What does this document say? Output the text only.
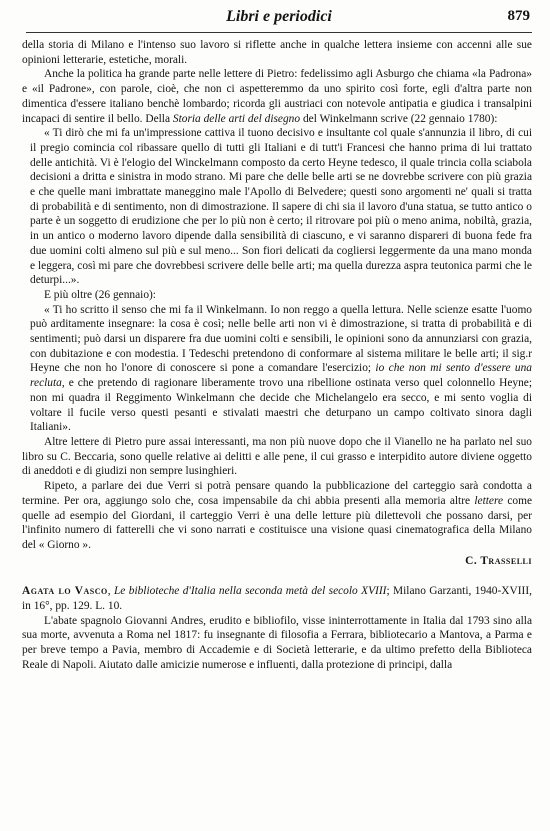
Libri e periodici	879

della storia di Milano e l'intenso suo lavoro si riflette anche in qualche lettera insieme con accenni alle sue opinioni letterarie, estetiche, morali.

Anche la politica ha grande parte nelle lettere di Pietro: fedelissimo agli Asburgo che chiama «la Padrona» e «il Padrone», con parole, cioè, che non ci aspetteremmo da uno spirito così forte, egli d'altra parte non dimentica d'essere italiano benchè lombardo; ricorda gli austriaci con notevole antipatia e giudica i transalpini incapaci di sentire il bello. Della Storia delle arti del disegno del Winkelmann scrive (22 gennaio 1780):

« Ti dirò che mi fa un'impressione cattiva il tuono decisivo e insultante col quale s'annunzia il libro, di cui il pregio comincia col ribassare quello di tutti gli Italiani e di tutt'i Francesi che hanno prima di lui trattato delle antichità. Vi è l'elogio del Winckelmann composto da certo Heyne tedesco, il quale trincia colla sciabola decisioni a dritta e sinistra in modo strano. Mi pare che delle belle arti se ne dovrebbe scrivere con più grazia e che quelle mani imbrattate maneggino male l'Apollo di Belvedere; questi sono argomenti ne' quali si tratta di probabilità e di sentimento, non di dimostrazione. Il sapere di chi sia il lavoro d'una statua, se tutto antico o parte è un soggetto di erudizione che per lo più non è certo; il ritrovare poi più o meno anima, nobiltà, grazia, in un antico o moderno lavoro dipende dalla sensibilità di ciascuno, e vi saranno dispareri di buona fede fra due uomini colti almeno sul più e sul meno... Son fiori delicati da cogliersi leggermente da una mano monda e leggera, così mi pare che dovrebbesi scrivere delle belle arti; ma quella durezza aspra teutonica parmi che le deturpi...».

E più oltre (26 gennaio):

« Ti ho scritto il senso che mi fa il Winkelmann. Io non reggo a quella lettura. Nelle scienze esatte l'uomo può arditamente insegnare: la cosa è così; nelle belle arti non vi è dimostrazione, si tratta di probabilità e di sentimenti; può darsi un disparere fra due uomini colti e sensibili, le opinioni sono da annunziarsi con grazia, con dubitazione e con modestia. I Tedeschi pretendono di conformare al sistema militare le belle arti; il sig.r Heyne che non ho l'onore di conoscere si pone a comandare l'esercizio; io che non mi sento d'essere una recluta, e che pretendo di ragionare liberamente trovo una ribellione ostinata verso quel colonnello Heyne; non mi quadra il Reggimento Winkelmann che decide che Michelangelo era secco, e mi sento voglia di voltare il fucile verso questi pesanti e stivalati maestri che deturpano un campo coltivato sinora dagli Italiani».

Altre lettere di Pietro pure assai interessanti, ma non più nuove dopo che il Vianello ne ha parlato nel suo libro su C. Beccaria, sono quelle relative ai delitti e alle pene, il cui grasso e interpidito autore diviene oggetto di aneddoti e di giudizi non sempre lusinghieri.

Ripeto, a parlare dei due Verri si potrà pensare quando la pubblicazione del carteggio sarà condotta a termine. Per ora, aggiungo solo che, cosa impensabile da chi abbia presenti alla memoria altre lettere come quelle ad esempio del Giordani, il carteggio Verri è una delle letture più dilettevoli che possano darsi, per l'infinito numero di fatterelli che vi sono narrati e costituisce una visione quasi cinematografica della Milano del « Giorno ».

C. Trasselli

Agata lo Vasco, Le biblioteche d'Italia nella seconda metà del secolo XVIII; Milano Garzanti, 1940-XVIII, in 16°, pp. 129. L. 10.

L'abate spagnolo Giovanni Andres, erudito e bibliofilo, visse ininterrottamente in Italia dal 1793 sino alla sua morte, avvenuta a Roma nel 1817: fu insegnante di filosofia a Ferrara, bibliotecario a Mantova, a Parma e per breve tempo a Pavia, membro di Accademie e di Società letterarie, e da ultimo prefetto della Biblioteca Reale di Napoli. Aiutato dalle amicizie numerose e influenti, dalla protezione di principi, dalla
